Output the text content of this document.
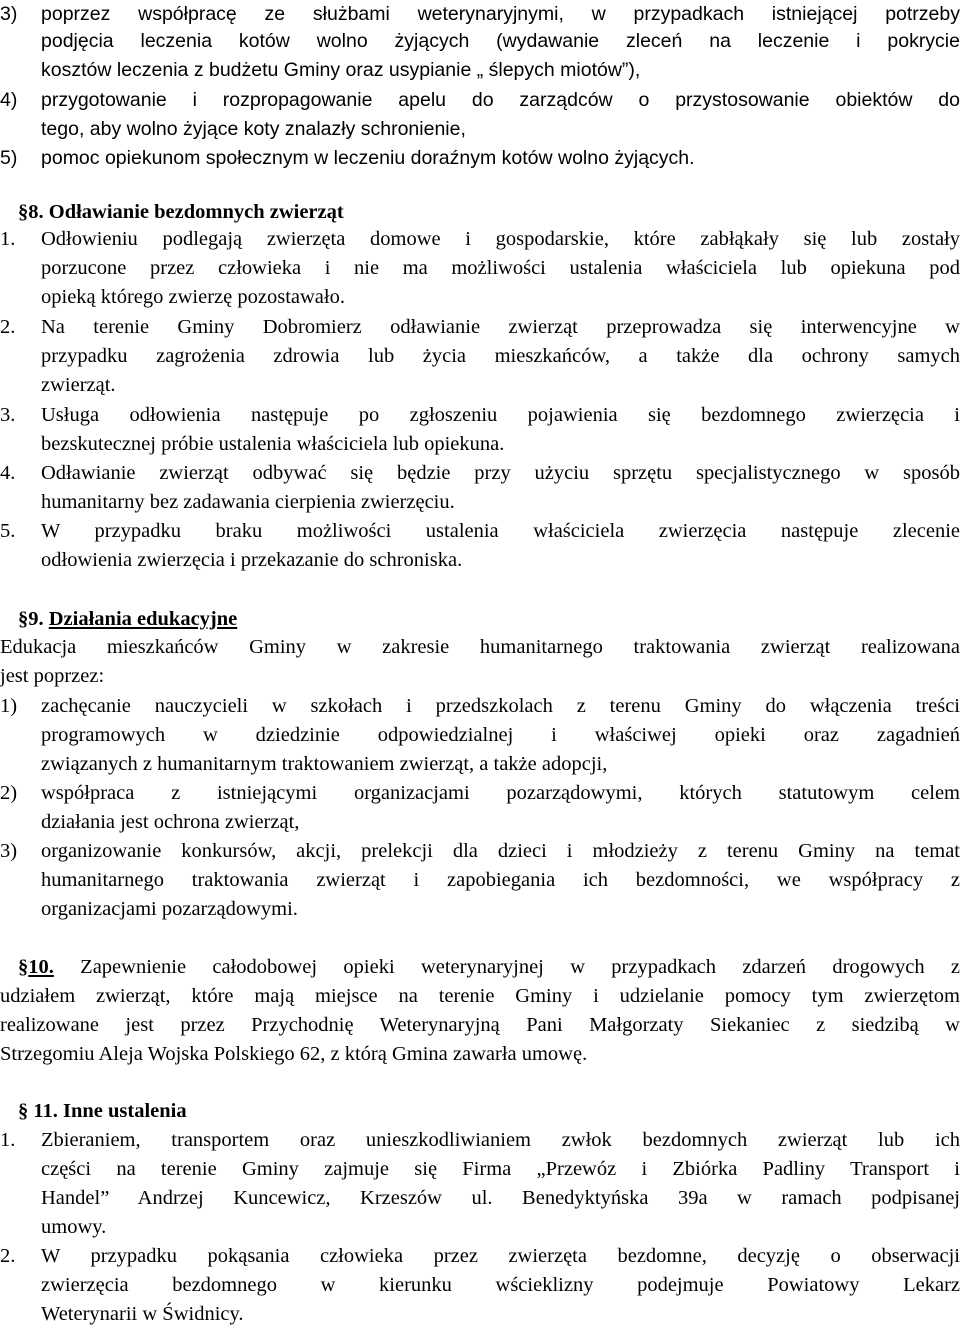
3) poprzez współpracę ze służbami weterynaryjnymi, w przypadkach istniejącej potrzeby
podjęcia leczenia kotów wolno żyjących (wydawanie zleceń na leczenie i pokrycie
kosztów leczenia z budżetu Gminy oraz usypianie „ ślepych miotów”),
4) przygotowanie i rozpropagowanie apelu do zarządców o przystosowanie obiektów do
tego, aby wolno żyjące koty znalazły schronienie,
5) pomoc opiekunom społecznym w leczeniu doraźnym kotów wolno żyjących.
§8. Odławianie bezdomnych zwierząt
1. Odłowieniu podlegają zwierzęta domowe i gospodarskie, które zabłąkały się lub zostały
porzucone przez człowieka i nie ma możliwości ustalenia właściciela lub opiekuna pod
opieką którego zwierzę pozostawało.
2. Na terenie Gminy Dobromierz odławianie zwierząt przeprowadza się interwencyjne w
przypadku zagrożenia zdrowia lub życia mieszkańców, a także dla ochrony samych
zwierząt.
3. Usługa odłowienia następuje po zgłoszeniu pojawienia się bezdomnego zwierzęcia i
bezskutecznej próbie ustalenia właściciela lub opiekuna.
4. Odławianie zwierząt odbywać się będzie przy użyciu sprzętu specjalistycznego w sposób
humanitarny bez zadawania cierpienia zwierzęciu.
5. W przypadku braku możliwości ustalenia właściciela zwierzęcia następuje zlecenie
odłowienia zwierzęcia i przekazanie do schroniska.
§9. Działania edukacyjne
Edukacja mieszkańców Gminy w zakresie humanitarnego traktowania zwierząt realizowana
jest poprzez:
1) zachęcanie nauczycieli w szkołach i przedszkolach z terenu Gminy do włączenia treści
programowych w dziedzinie odpowiedzialnej i właściwej opieki oraz zagadnień
związanych z humanitarnym traktowaniem zwierząt, a także adopcji,
2) współpraca z istniejącymi organizacjami pozarządowymi, których statutowym celem
działania jest ochrona zwierząt,
3) organizowanie konkursów, akcji, prelekcji dla dzieci i młodzieży z terenu Gminy na temat
humanitarnego traktowania zwierząt i zapobiegania ich bezdomności, we współpracy z
organizacjami pozarządowymi.
§10. Zapewnienie całodobowej opieki weterynaryjnej w przypadkach zdarzeń drogowych z
udziałem zwierząt, które mają miejsce na terenie Gminy i udzielanie pomocy tym zwierzętom
realizowane jest przez Przychodnię Weterynaryjną Pani Małgorzaty Siekaniec z siedzibą w
Strzegomiu Aleja Wojska Polskiego 62, z którą Gmina zawarła umowę.
§ 11. Inne ustalenia
1. Zbieraniem, transportem oraz unieszkodliwianiem zwłok bezdomnych zwierząt lub ich
części na terenie Gminy zajmuje się Firma „Przewóz i Zbiórka Padliny Transport i
Handel” Andrzej Kuncewicz, Krzeszów ul. Benedyktyńska 39a w ramach podpisanej
umowy.
2. W przypadku pokąsania człowieka przez zwierzęta bezdomne, decyzję o obserwacji
zwierzęcia bezdomnego w kierunku wścieklizny podejmuje Powiatowy Lekarz
Weterynarii w Świdnicy.
